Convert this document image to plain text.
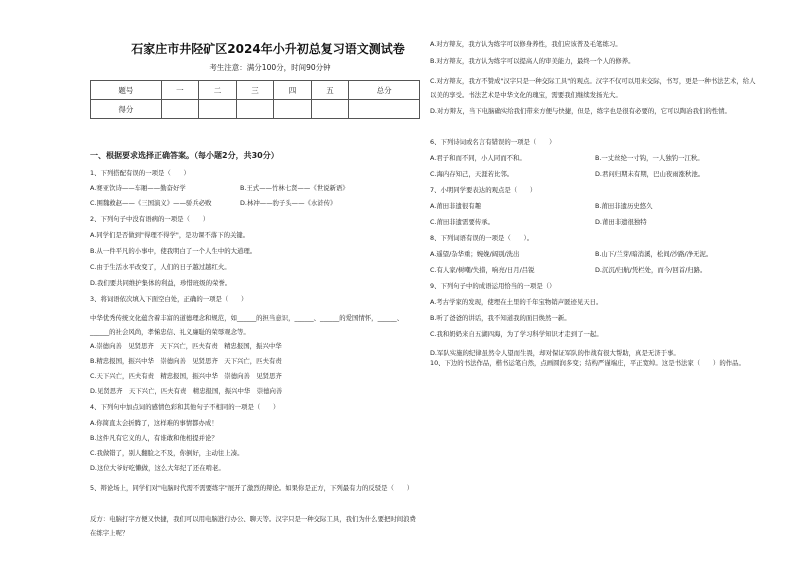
石家庄市井陉矿区2024年小升初总复习语文测试卷
考生注意：满分100分，时间90分钟
题号	一	二	三	四	五	总分
得分						
一、根据要求选择正确答案。（每小题2分，共30分）
1、下列搭配有误的一项是（　　）
A.赛亚饮诗——车厢——勤奋好学	B.王式——竹林七贤——《世说新语》
C.围魏救赵——《三国演义》——骄兵必败	D.林冲——豹子头——《水浒传》
2、下列句子中没有语病的一项是（　　）
A.同学们是否做到"得理不得学"，是功课不落下的关键。
B.从一件平凡的小事中，使我明白了一个人生中的大道理。
C.由于生活水平改变了，人们的日子越过越红火。
D.我们要共同维护集体的利益，珍惜班级的荣誉。
3、将词语依次填入下面空白处，正确的一项是（　　）
中华优秀传统文化蕴含着丰富的道德理念和规范，如______的担当意识，______、______的爱国情怀，______、______的社会风尚，孝悌忠信、礼义廉耻的荣辱观念等。
A.崇德向善　见贤思齐　天下兴亡，匹夫有责　精忠报国，振兴中华
B.精忠报国，振兴中华　崇德向善　见贤思齐　天下兴亡，匹夫有责
C.天下兴亡，匹夫有责　精忠报国，振兴中华　崇德向善　见贤思齐
D.见贤思齐　天下兴亡，匹夫有责　精忠报国，振兴中华　崇德向善
4、下列句中加点词的感情色彩和其他句子不相同的一项是（　　）
A.你简直太会折腾了，这样难的事情都办成！
B.这件凡有它义的人，有谁敢和他相提并论？
C.我做错了，别人翻脸之不及，你倒好，主动往上凑。
D.这位大爷好吃懒做，这么大年纪了还在啃老。
5、辩论场上，同学们对"电脑时代需不需要练字"展开了激烈的辩论。如果你是正方，下列最有力的反驳是（　　）
反方：电脑打字方便又快捷，我们可以用电脑进行办公、聊天等。汉字只是一种交际工具，我们为什么要把时间浪费在练字上呢？
A.对方辩友，我方认为练字可以修身养性，我们应该普及毛笔练习。
B.对方辩友，我方认为练字可以提高人的审美能力，最终一个人的修养。
C.对方辩友，我方不赞成"汉字只是一种交际工具"的观点。汉字不仅可以用来交际，书写，更是一种书法艺术，给人以美的享受。书法艺术是中华文化的瑰宝，需要我们继续发扬光大。
D.对方辩友，当下电脑确实给我们带来方便与快捷，但是，练字也是很有必要的，它可以陶冶我们的性情。
6、下列诗词或名言有错误的一项是（　　）
A.君子和而不同，小人同而不和。	B.一丈丝纶一寸钩，一人独钓一江秋。
C.海内存知己，天涯若比邻。	D.君问归期未有期，巴山夜雨涨秋池。
7、小明同学要表达的观点是（　　）
A.莆田非遗很有趣	B.莆田非遗历史悠久
C.莆田非遗需要传承。	D.莆田非遗很独特
8、下列词语有误的一项是（　　）。
A.遥望/杂华重；婉娩/阔别/洗出	B.山下/兰芽/暗消溪，松间/沙路/净无泥。
C.有人家/树嘲/失措，响亮/日月/吕锐	D.沉沉/归航/凭栏处，而今/回首/归路。
9、下列句子中的成语运用恰当的一项是（）
A.考古学家的发现，使埋在土里的千年宝物销声匿迹见天日。
B.听了爸爸的讲话，我不知道我的面目焕然一新。
C.我和奶奶来自五湖四海，为了学习科学知识才走到了一起。
D.军队实施的纪律虽然令人望而生畏，却对保证军队的作战有很大帮助，真是无济于事。
10、下边的书法作品，楷书运笔自然，点画圆润多变；结构严谨端庄，平正宽绰。这是书法家（　　）的作品。
